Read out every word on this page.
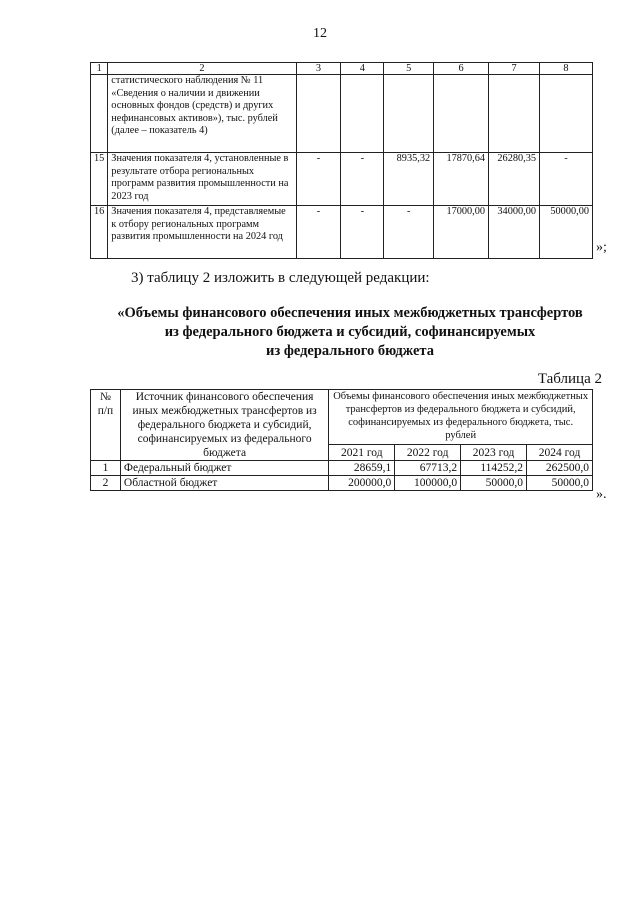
12
1	2	3	4	5	6	7	8
	статистического наблюдения № 11 «Сведения о наличии и движении основных фондов (средств) и других нефинансовых активов»), тыс. рублей (далее – показатель 4)						
15	Значения показателя 4, установленные в результате отбора региональных программ развития промышленности на 2023 год	-	-	8935,32	17870,64	26280,35	-
16	Значения показателя 4, представляемые к отбору региональных программ развития промышленности на 2024 год	-	-	-	17000,00	34000,00	50000,00
»;
3) таблицу 2 изложить в следующей редакции:
«Объемы финансового обеспечения иных межбюджетных трансфертов
из федерального бюджета и субсидий, софинансируемых
из федерального бюджета
Таблица 2
№ п/п	Источник финансового обеспечения иных межбюджетных трансфертов из федерального бюджета и субсидий, софинансируемых из федерального бюджета	Объемы финансового обеспечения иных межбюджетных трансфертов из федерального бюджета и субсидий, софинансируемых из федерального бюджета, тыс. рублей			
		2021 год	2022 год	2023 год	2024 год
1	Федеральный бюджет	28659,1	67713,2	114252,2	262500,0
2	Областной бюджет	200000,0	100000,0	50000,0	50000,0
».
